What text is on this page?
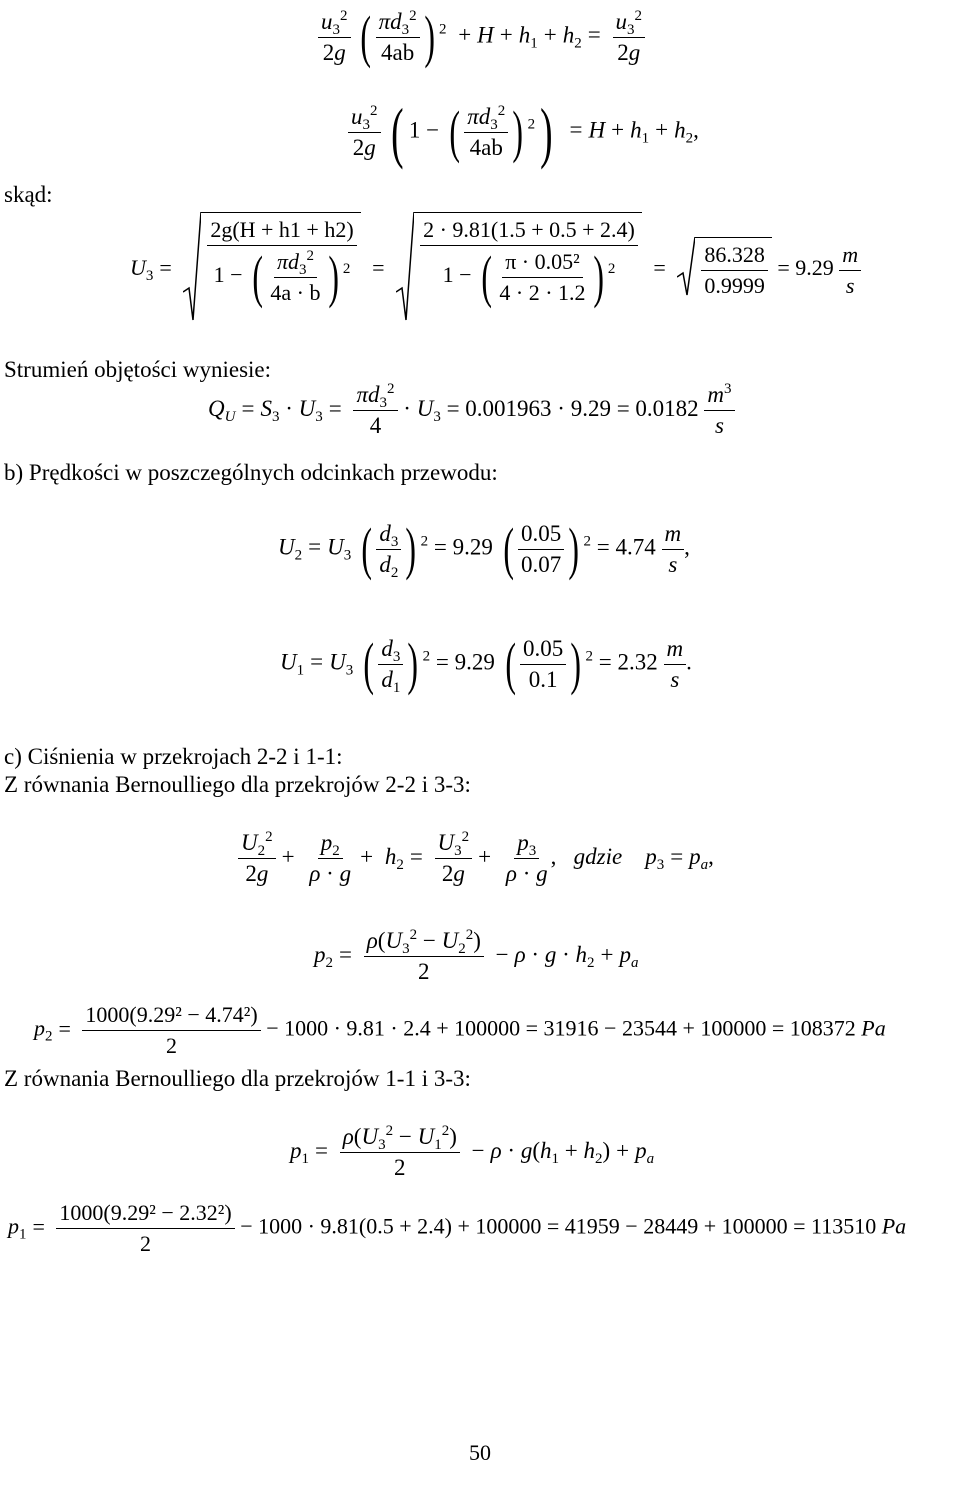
$\frac{u_3^2}{2g}$ ( $\frac{\pi d_3^2}{4ab}$ ) $^2 + H + h_1 + h_2 = \frac{u_3^2}{2g}$
$\frac{u_3^2}{2g}$ ( 1 − ( $\frac{\pi d_3^2}{4ab}$ ) $^2) = H + h_1 + h_2$,
skąd:
$U_3 = \frac{2g(H + h1 + h2)}{1 - ( \frac{\pi d_3^2}{4a \cdot b} ) ^2} = \frac{2 \cdot 9.81(1.5 + 0.5 + 2.4)}{1 - ( \frac{\text{π · 0.05²}}{4 \cdot 2 \cdot 1.2} ) ^2} = \frac{86.328}{0.9999} = 9.29 \frac{m}{s}$
Strumień objętości wyniesie:
$Q_U = S_3 \cdot U_3 = \frac{\pi d_3^2}{4} \cdot U_3 = 0.001963 \cdot 9.29 = 0.0182 \frac{m^3}{s}$
b) Prędkości w poszczególnych odcinkach przewodu:
$U_2 = U_3$ ( $\frac{d_3}{d_2}$ ) $^2$ = 9.29 ( $\frac{0.05}{0.07}$ ) $^2 = 4.74 \frac{m}{s}$ ,
$U_1 = U_3$ ( $\frac{d_3}{d_1}$ ) $^2$ = 9.29 ( $\frac{0.05}{0.1}$ ) $^2 = 2.32 \frac{m}{s}$ .
c) Ciśnienia w przekrojach 2-2 i 1-1:
Z równania Bernoulliego dla przekrojów 2-2 i 3-3:
$\frac{U_2^2}{2g} + \frac{p_2}{\rho \cdot g} + h_2 = \frac{U_3^2}{2g} + \frac{p_3}{\rho \cdot g}$ ,   gdzie $p_3 = p_a$,
$p_2 = \frac{\rho(U_3^2 - U_2^2)}{2} - \rho \cdot g \cdot h_2 + p_a$
$p_2 = \frac{\text{1000(9.29² − 4.74²)}}{2} - 1000 \cdot 9.81 \cdot 2.4 + 100000 = 31916 - 23544 + 100000 = 108372$ Pa
Z równania Bernoulliego dla przekrojów 1-1 i 3-3:
$p_1 = \frac{\rho(U_3^2 - U_1^2)}{2} - \rho \cdot g(h_1 + h_2) + p_a$
$p_1 = \frac{\text{1000(9.29² − 2.32²)}}{2} - 1000 \cdot 9.81(0.5 + 2.4) + 100000 = 41959 - 28449 + 100000 = 113510$ Pa
50
